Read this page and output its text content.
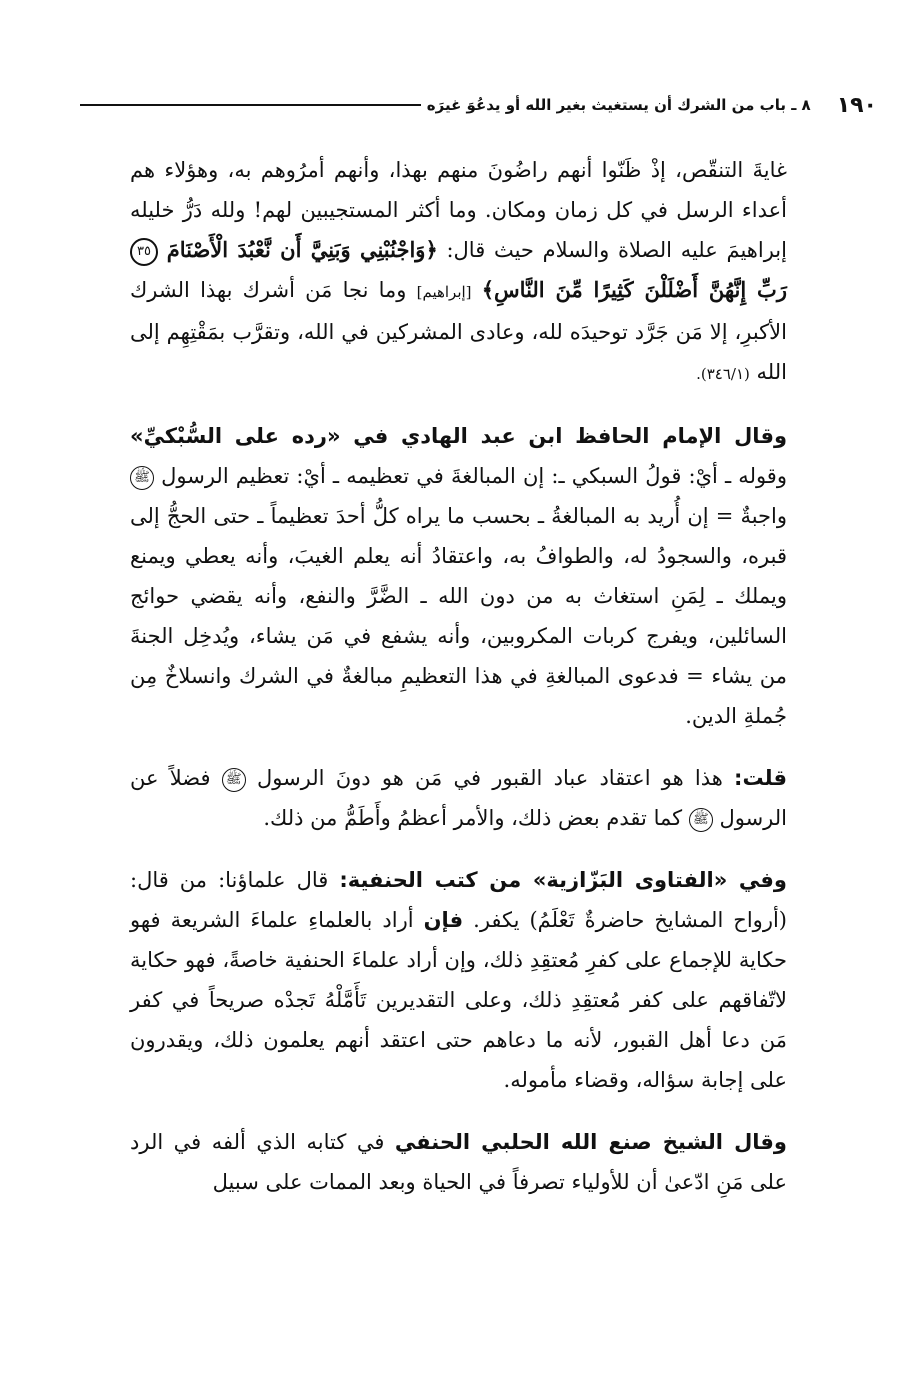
١٩٠
٨ ـ باب من الشرك أن يستغيث بغير الله أو يدعُوَ غيرَه

غايةَ التنقّص، إذْ ظَنّوا أنهم راضُونَ منهم بهذا، وأنهم أمرُوهم به، وهؤلاء هم أعداء الرسل في كل زمان ومكان. وما أكثر المستجيبين لهم! ولله دَرُّ خليله إبراهيمَ عليه الصلاة والسلام حيث قال: ﴿وَاجْنُبْنِي وَبَنِيَّ أَن نَّعْبُدَ الْأَصْنَامَ ٣٥ رَبِّ إِنَّهُنَّ أَضْلَلْنَ كَثِيرًا مِّنَ النَّاسِ﴾ [إبراهيم] وما نجا مَن أشرك بهذا الشرك الأكبرِ، إلا مَن جَرَّد توحيدَه لله، وعادى المشركين في الله، وتقرَّب بمَقْتِهِم إلى الله (٣٤٦/١).

وقال الإمام الحافظ ابن عبد الهادي في «رده على السُّبْكيِّ» وقوله ـ أيْ: قولُ السبكي ـ: إن المبالغةَ في تعظيمه ـ أيْ: تعظيم الرسول ﷺ واجبةٌ = إن أُريد به المبالغةُ ـ بحسب ما يراه كلُّ أحدَ تعظيماً ـ حتى الحجُّ إلى قبره، والسجودُ له، والطوافُ به، واعتقادُ أنه يعلم الغيبَ، وأنه يعطي ويمنع ويملك ـ لِمَنِ استغاث به من دون الله ـ الضَّرَّ والنفع، وأنه يقضي حوائج السائلين، ويفرج كربات المكروبين، وأنه يشفع في مَن يشاء، ويُدخِل الجنةَ من يشاء = فدعوى المبالغةِ في هذا التعظيمِ مبالغةٌ في الشرك وانسلاخٌ مِن جُملةِ الدين.

قلت: هذا هو اعتقاد عباد القبور في مَن هو دونَ الرسول ﷺ فضلاً عن الرسول ﷺ كما تقدم بعض ذلك، والأمر أعظمُ وأَطَمُّ من ذلك.

وفي «الفتاوى البَزّازية» من كتب الحنفية: قال علماؤنا: من قال: (أرواح المشايخ حاضرةٌ تَعْلَمُ) يكفر. فإن أراد بالعلماءِ علماءَ الشريعة فهو حكاية للإجماع على كفرِ مُعتقِدِ ذلك، وإن أراد علماءَ الحنفية خاصةً، فهو حكاية لاتّفاقهم على كفر مُعتقِدِ ذلك، وعلى التقديرين تَأَمَّلْهُ تَجدْه صريحاً في كفر مَن دعا أهل القبور، لأنه ما دعاهم حتى اعتقد أنهم يعلمون ذلك، ويقدرون على إجابة سؤاله، وقضاء مأموله.

وقال الشيخ صنع الله الحلبي الحنفي في كتابه الذي ألفه في الرد على مَنِ ادّعىٰ أن للأولياء تصرفاً في الحياة وبعد الممات على سبيل
